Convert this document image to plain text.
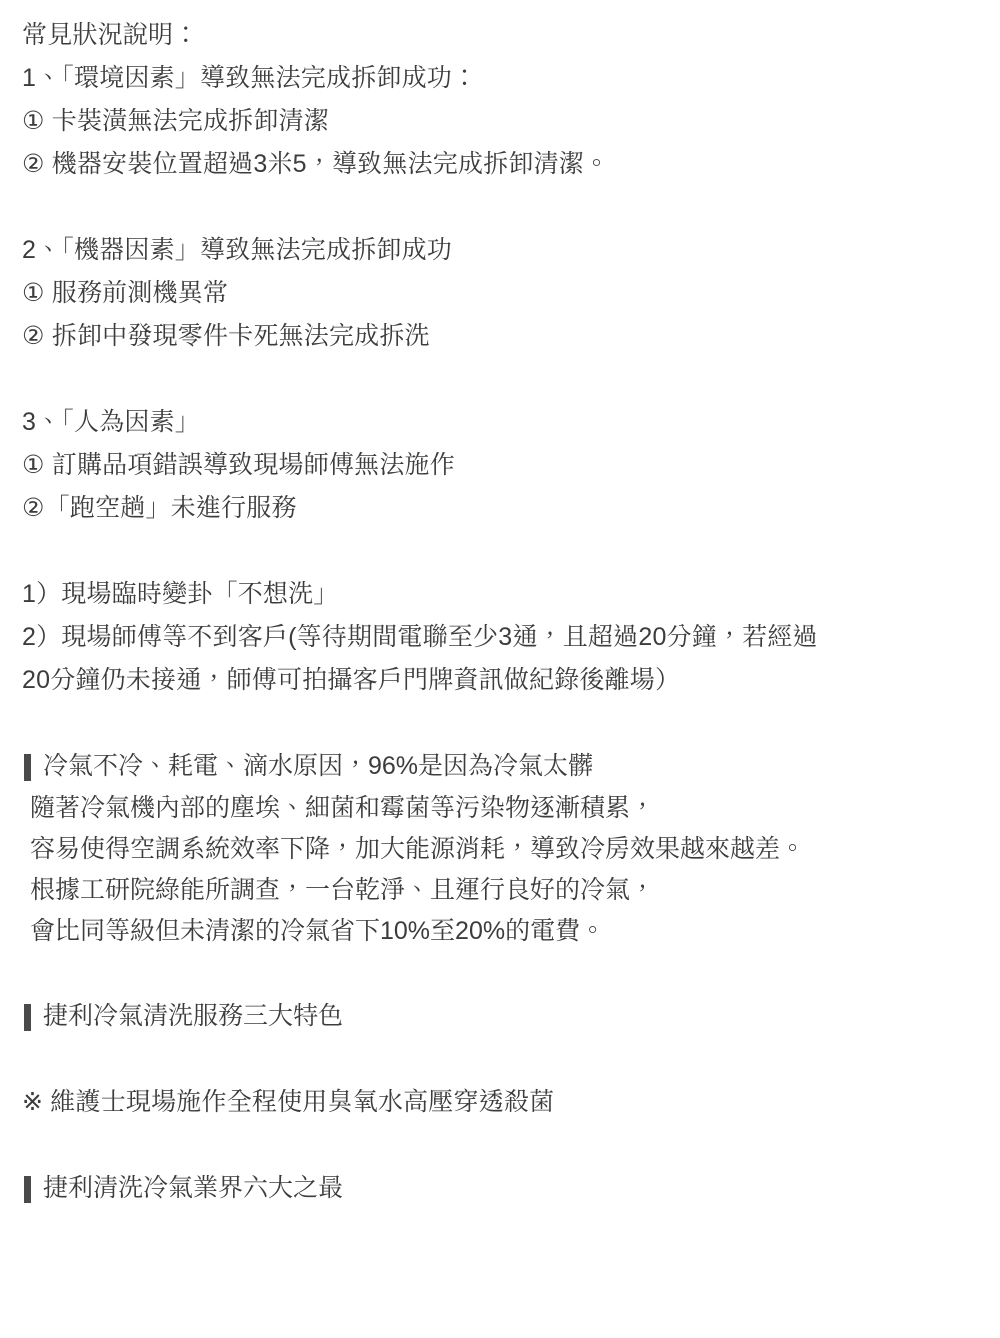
常見狀況說明：
1、「環境因素」導致無法完成拆卸成功：
① 卡裝潢無法完成拆卸清潔
② 機器安裝位置超過3米5，導致無法完成拆卸清潔。
2、「機器因素」導致無法完成拆卸成功
① 服務前測機異常
② 拆卸中發現零件卡死無法完成拆洗
3、「人為因素」
① 訂購品項錯誤導致現場師傅無法施作
②「跑空趟」未進行服務
1）現場臨時變卦「不想洗」
2）現場師傅等不到客戶(等待期間電聯至少3通，且超過20分鐘，若經過
20分鐘仍未接通，師傅可拍攝客戶門牌資訊做紀錄後離場）
冷氣不冷、耗電、滴水原因，96%是因為冷氣太髒
隨著冷氣機內部的塵埃、細菌和霉菌等污染物逐漸積累，
容易使得空調系統效率下降，加大能源消耗，導致冷房效果越來越差。
根據工研院綠能所調查，一台乾淨、且運行良好的冷氣，
會比同等級但未清潔的冷氣省下10%至20%的電費。
捷利冷氣清洗服務三大特色
※ 維護士現場施作全程使用臭氧水高壓穿透殺菌
捷利清洗冷氣業界六大之最
